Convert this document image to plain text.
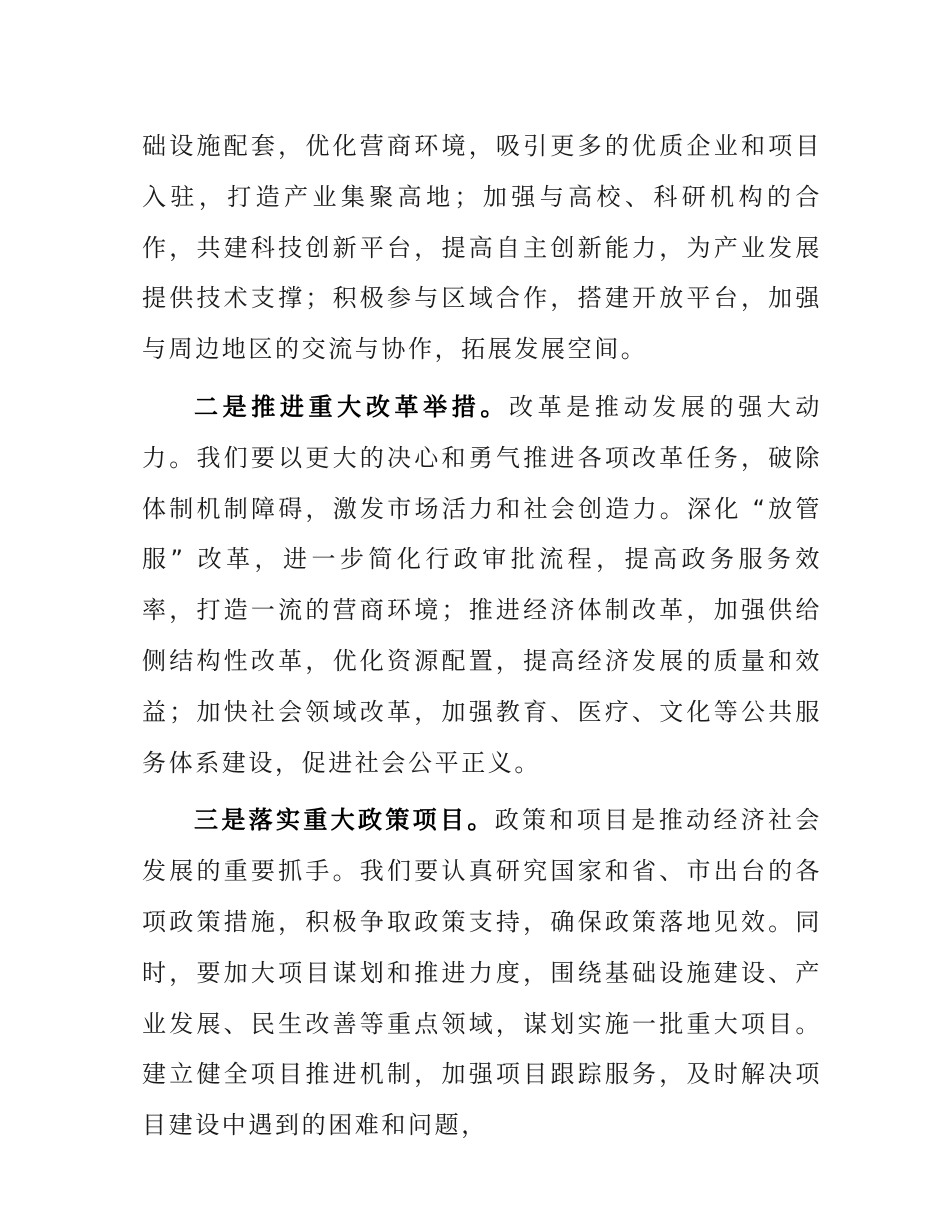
础设施配套，优化营商环境，吸引更多的优质企业和项目入驻，打造产业集聚高地；加强与高校、科研机构的合作，共建科技创新平台，提高自主创新能力，为产业发展提供技术支撑；积极参与区域合作，搭建开放平台，加强与周边地区的交流与协作，拓展发展空间。

二是推进重大改革举措。改革是推动发展的强大动力。我们要以更大的决心和勇气推进各项改革任务，破除体制机制障碍，激发市场活力和社会创造力。深化 “放管服” 改革，进一步简化行政审批流程，提高政务服务效率，打造一流的营商环境；推进经济体制改革，加强供给侧结构性改革，优化资源配置，提高经济发展的质量和效益；加快社会领域改革，加强教育、医疗、文化等公共服务体系建设，促进社会公平正义。

三是落实重大政策项目。政策和项目是推动经济社会发展的重要抓手。我们要认真研究国家和省、市出台的各项政策措施，积极争取政策支持，确保政策落地见效。同时，要加大项目谋划和推进力度，围绕基础设施建设、产业发展、民生改善等重点领域，谋划实施一批重大项目。建立健全项目推进机制，加强项目跟踪服务，及时解决项目建设中遇到的困难和问题，
